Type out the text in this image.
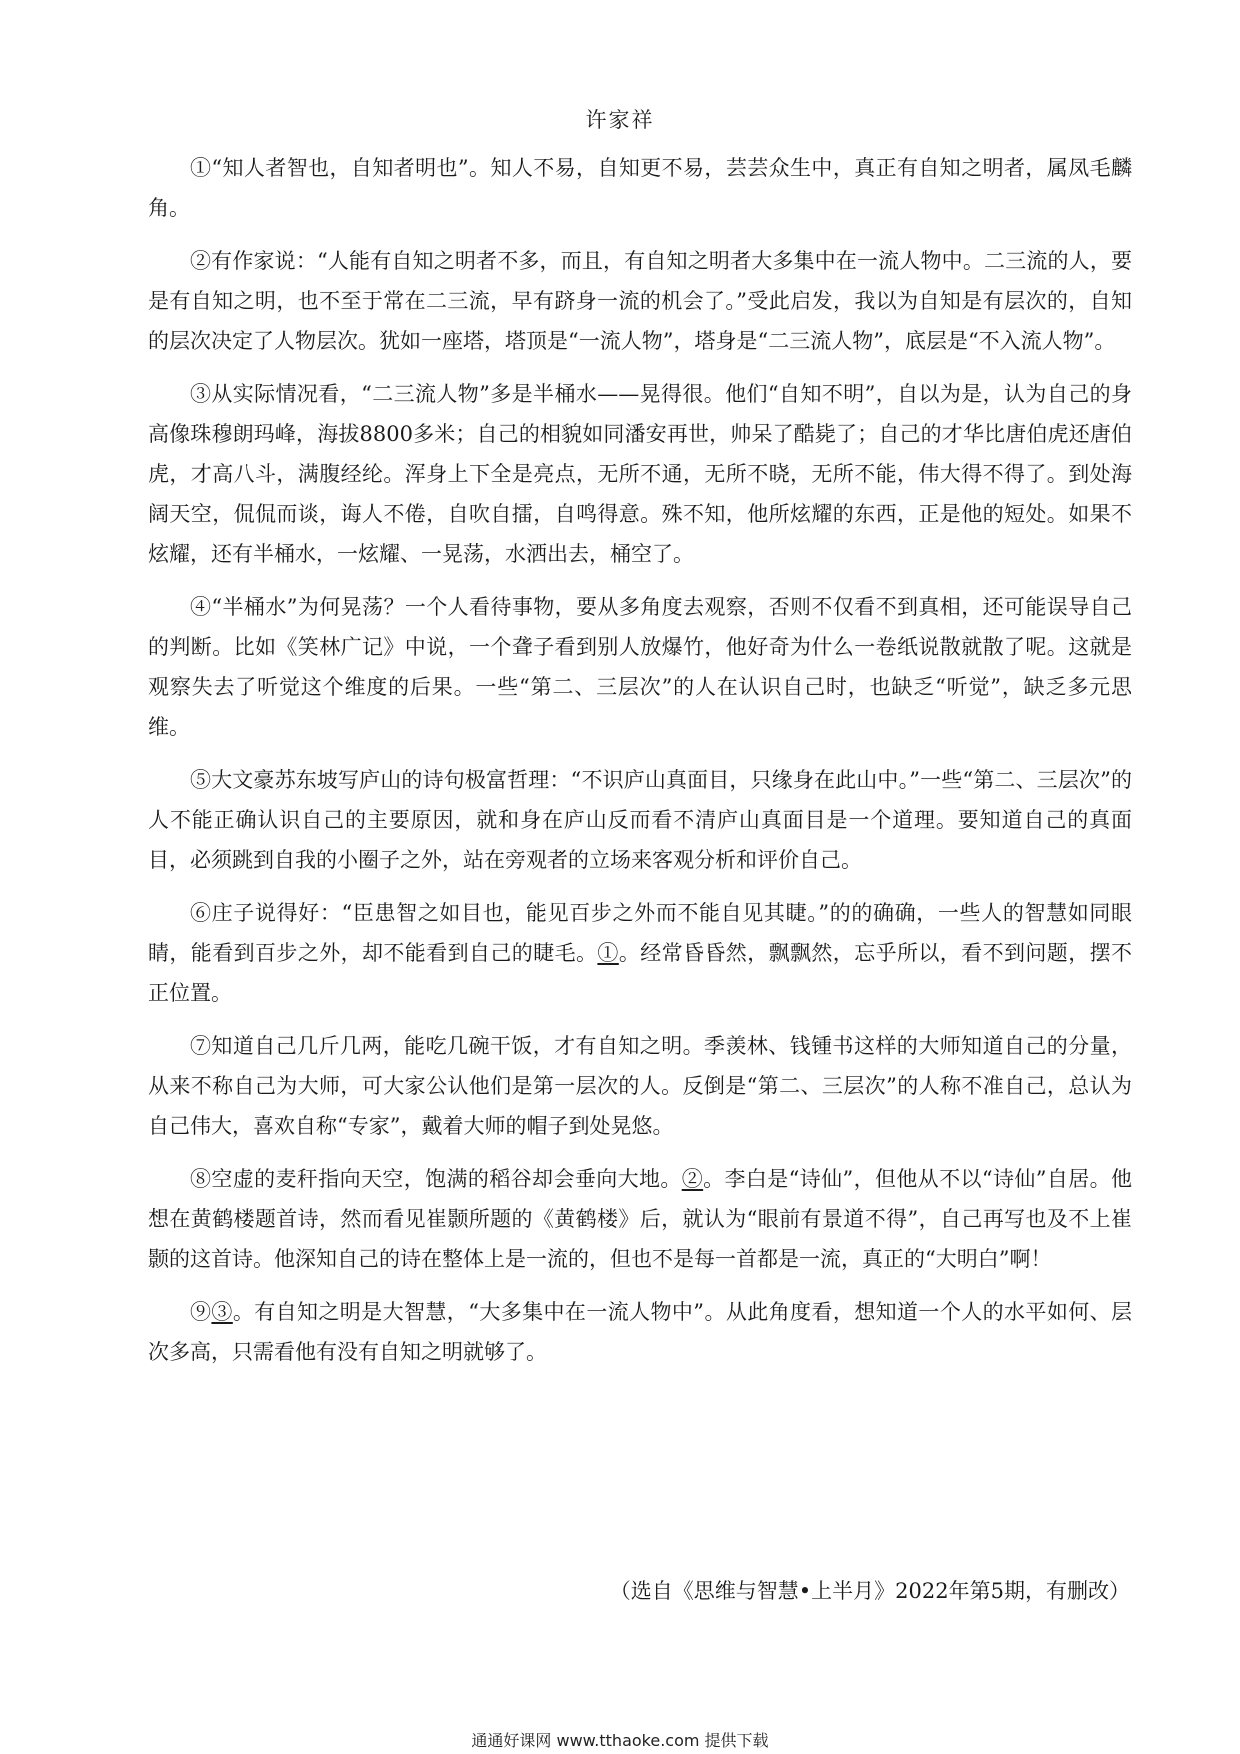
许家祥

①“知人者智也，自知者明也”。知人不易，自知更不易，芸芸众生中，真正有自知之明者，属凤毛麟角。

②有作家说：“人能有自知之明者不多，而且，有自知之明者大多集中在一流人物中。二三流的人，要是有自知之明，也不至于常在二三流，早有跻身一流的机会了。”受此启发，我以为自知是有层次的，自知的层次决定了人物层次。犹如一座塔，塔顶是“一流人物”，塔身是“二三流人物”，底层是“不入流人物”。

③从实际情况看，“二三流人物”多是半桶水——晃得很。他们“自知不明”，自以为是，认为自己的身高像珠穆朗玛峰，海拔8800多米；自己的相貌如同潘安再世，帅呆了酷毙了；自己的才华比唐伯虎还唐伯虎，才高八斗，满腹经纶。浑身上下全是亮点，无所不通，无所不晓，无所不能，伟大得不得了。到处海阔天空，侃侃而谈，诲人不倦，自吹自擂，自鸣得意。殊不知，他所炫耀的东西，正是他的短处。如果不炫耀，还有半桶水，一炫耀、一晃荡，水洒出去，桶空了。

④“半桶水”为何晃荡？一个人看待事物，要从多角度去观察，否则不仅看不到真相，还可能误导自己的判断。比如《笑林广记》中说，一个聋子看到别人放爆竹，他好奇为什么一卷纸说散就散了呢。这就是观察失去了听觉这个维度的后果。一些“第二、三层次”的人在认识自己时，也缺乏“听觉”，缺乏多元思维。

⑤大文豪苏东坡写庐山的诗句极富哲理：“不识庐山真面目，只缘身在此山中。”一些“第二、三层次”的人不能正确认识自己的主要原因，就和身在庐山反而看不清庐山真面目是一个道理。要知道自己的真面目，必须跳到自我的小圈子之外，站在旁观者的立场来客观分析和评价自己。

⑥庄子说得好：“臣患智之如目也，能见百步之外而不能自见其睫。”的的确确，一些人的智慧如同眼睛，能看到百步之外，却不能看到自己的睫毛。①。经常昏昏然，飘飘然，忘乎所以，看不到问题，摆不正位置。

⑦知道自己几斤几两，能吃几碗干饭，才有自知之明。季羡林、钱锺书这样的大师知道自己的分量，从来不称自己为大师，可大家公认他们是第一层次的人。反倒是“第二、三层次”的人称不准自己，总认为自己伟大，喜欢自称“专家”，戴着大师的帽子到处晃悠。

⑧空虚的麦秆指向天空，饱满的稻谷却会垂向大地。②。李白是“诗仙”，但他从不以“诗仙”自居。他想在黄鹤楼题首诗，然而看见崔颢所题的《黄鹤楼》后，就认为“眼前有景道不得”，自己再写也及不上崔颢的这首诗。他深知自己的诗在整体上是一流的，但也不是每一首都是一流，真正的“大明白”啊！

⑨③。有自知之明是大智慧，“大多集中在一流人物中”。从此角度看，想知道一个人的水平如何、层次多高，只需看他有没有自知之明就够了。

（选自《思维与智慧•上半月》2022年第5期，有删改）
通通好课网 www.tthaoke.com 提供下载
